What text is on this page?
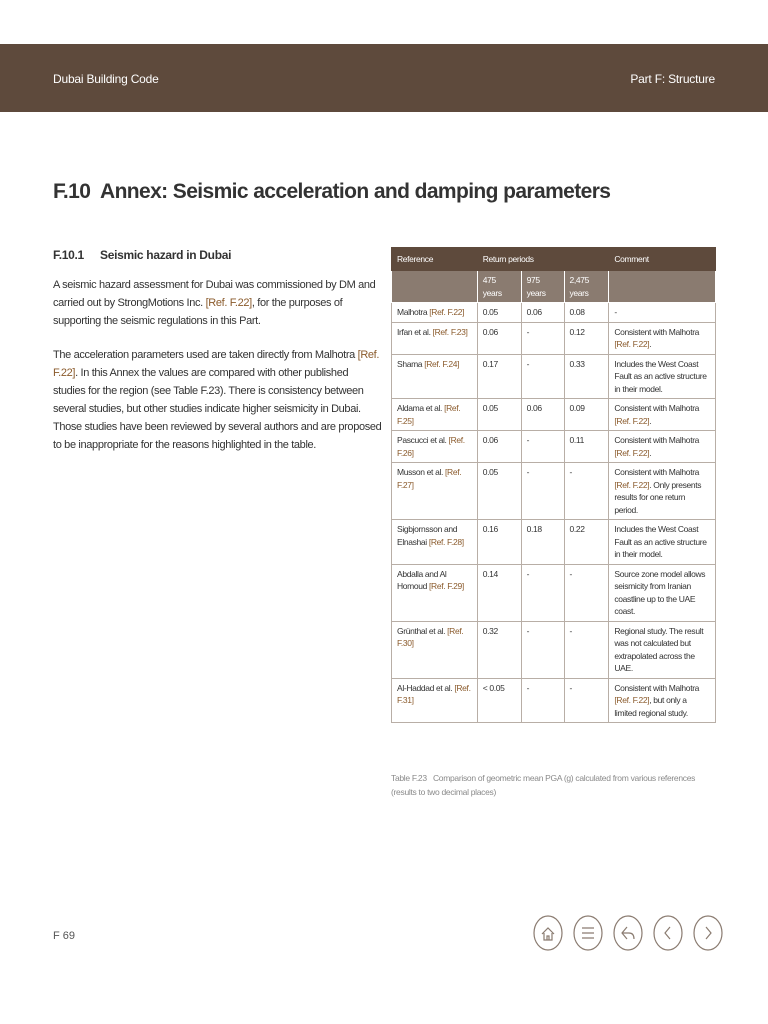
Dubai Building Code	Part F: Structure
F.10 Annex: Seismic acceleration and damping parameters
F.10.1 Seismic hazard in Dubai

A seismic hazard assessment for Dubai was commissioned by DM and carried out by StrongMotions Inc. [Ref. F.22], for the purposes of supporting the seismic regulations in this Part.

The acceleration parameters used are taken directly from Malhotra [Ref. F.22]. In this Annex the values are compared with other published studies for the region (see Table F.23). There is consistency between several studies, but other studies indicate higher seismicity in Dubai. Those studies have been reviewed by several authors and are proposed to be inappropriate for the reasons highlighted in the table.

Reference	Return periods			Comment
	475 years	975 years	2,475 years	
Malhotra [Ref. F.22]	0.05	0.06	0.08	-
Irfan et al. [Ref. F.23]	0.06	-	0.12	Consistent with Malhotra [Ref. F.22].
Shama [Ref. F.24]	0.17	-	0.33	Includes the West Coast Fault as an active structure in their model.
Aldama et al. [Ref. F.25]	0.05	0.06	0.09	Consistent with Malhotra [Ref. F.22].
Pascucci et al. [Ref. F.26]	0.06	-	0.11	Consistent with Malhotra [Ref. F.22].
Musson et al. [Ref. F.27]	0.05	-	-	Consistent with Malhotra [Ref. F.22]. Only presents results for one return period.
Sigbjornsson and Elnashai [Ref. F.28]	0.16	0.18	0.22	Includes the West Coast Fault as an active structure in their model.
Abdalla and Al Homoud [Ref. F.29]	0.14	-	-	Source zone model allows seismicity from Iranian coastline up to the UAE coast.
Grünthal et al. [Ref. F.30]	0.32	-	-	Regional study. The result was not calculated but extrapolated across the UAE.
Al-Haddad et al. [Ref. F.31]	< 0.05	-	-	Consistent with Malhotra [Ref. F.22], but only a limited regional study.

Table F.23 Comparison of geometric mean PGA (g) calculated from various references (results to two decimal places)

F 69
